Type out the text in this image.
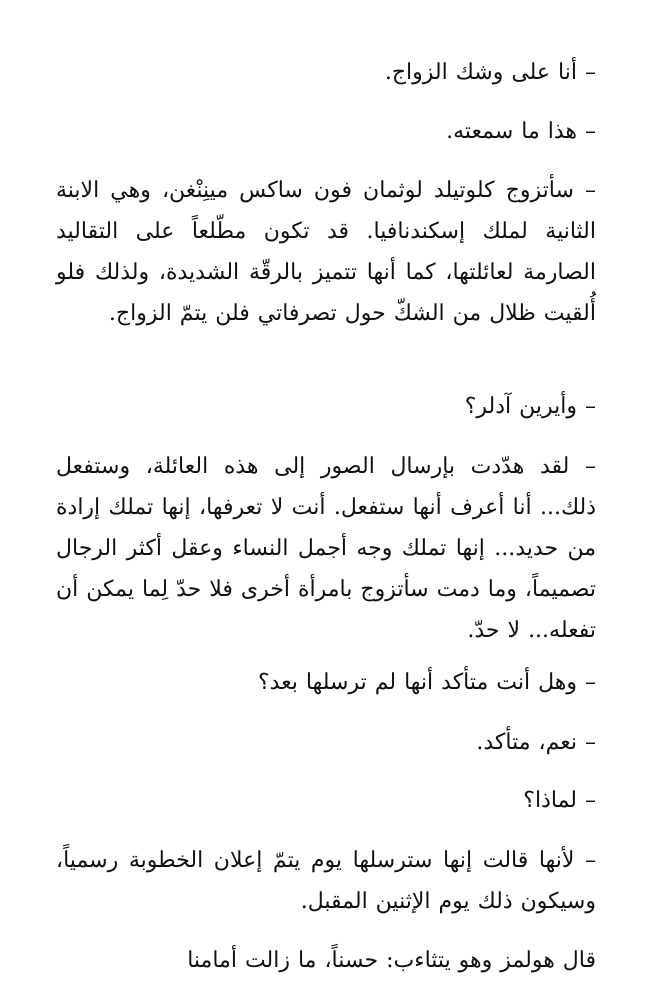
– أنا على وشك الزواج.

– هذا ما سمعته.

– سأتزوج كلوتيلد لوثمان فون ساكس مينِنْغن، وهي الابنة الثانية لملك إسكندنافيا. قد تكون مطّلعاً على التقاليد الصارمة لعائلتها، كما أنها تتميز بالرقّة الشديدة، ولذلك فلو أُلقيت ظلال من الشكّ حول تصرفاتي فلن يتمّ الزواج.

– وأيرين آدلر؟

– لقد هدّدت بإرسال الصور إلى هذه العائلة، وستفعل ذلك... أنا أعرف أنها ستفعل. أنت لا تعرفها، إنها تملك إرادة من حديد... إنها تملك وجه أجمل النساء وعقل أكثر الرجال تصميماً، وما دمت سأتزوج بامرأة أخرى فلا حدّ لِما يمكن أن تفعله... لا حدّ.

– وهل أنت متأكد أنها لم ترسلها بعد؟

– نعم، متأكد.

– لماذا؟

– لأنها قالت إنها سترسلها يوم يتمّ إعلان الخطوبة رسمياً، وسيكون ذلك يوم الإثنين المقبل.

قال هولمز وهو يتثاءب: حسناً، ما زالت أمامنا
